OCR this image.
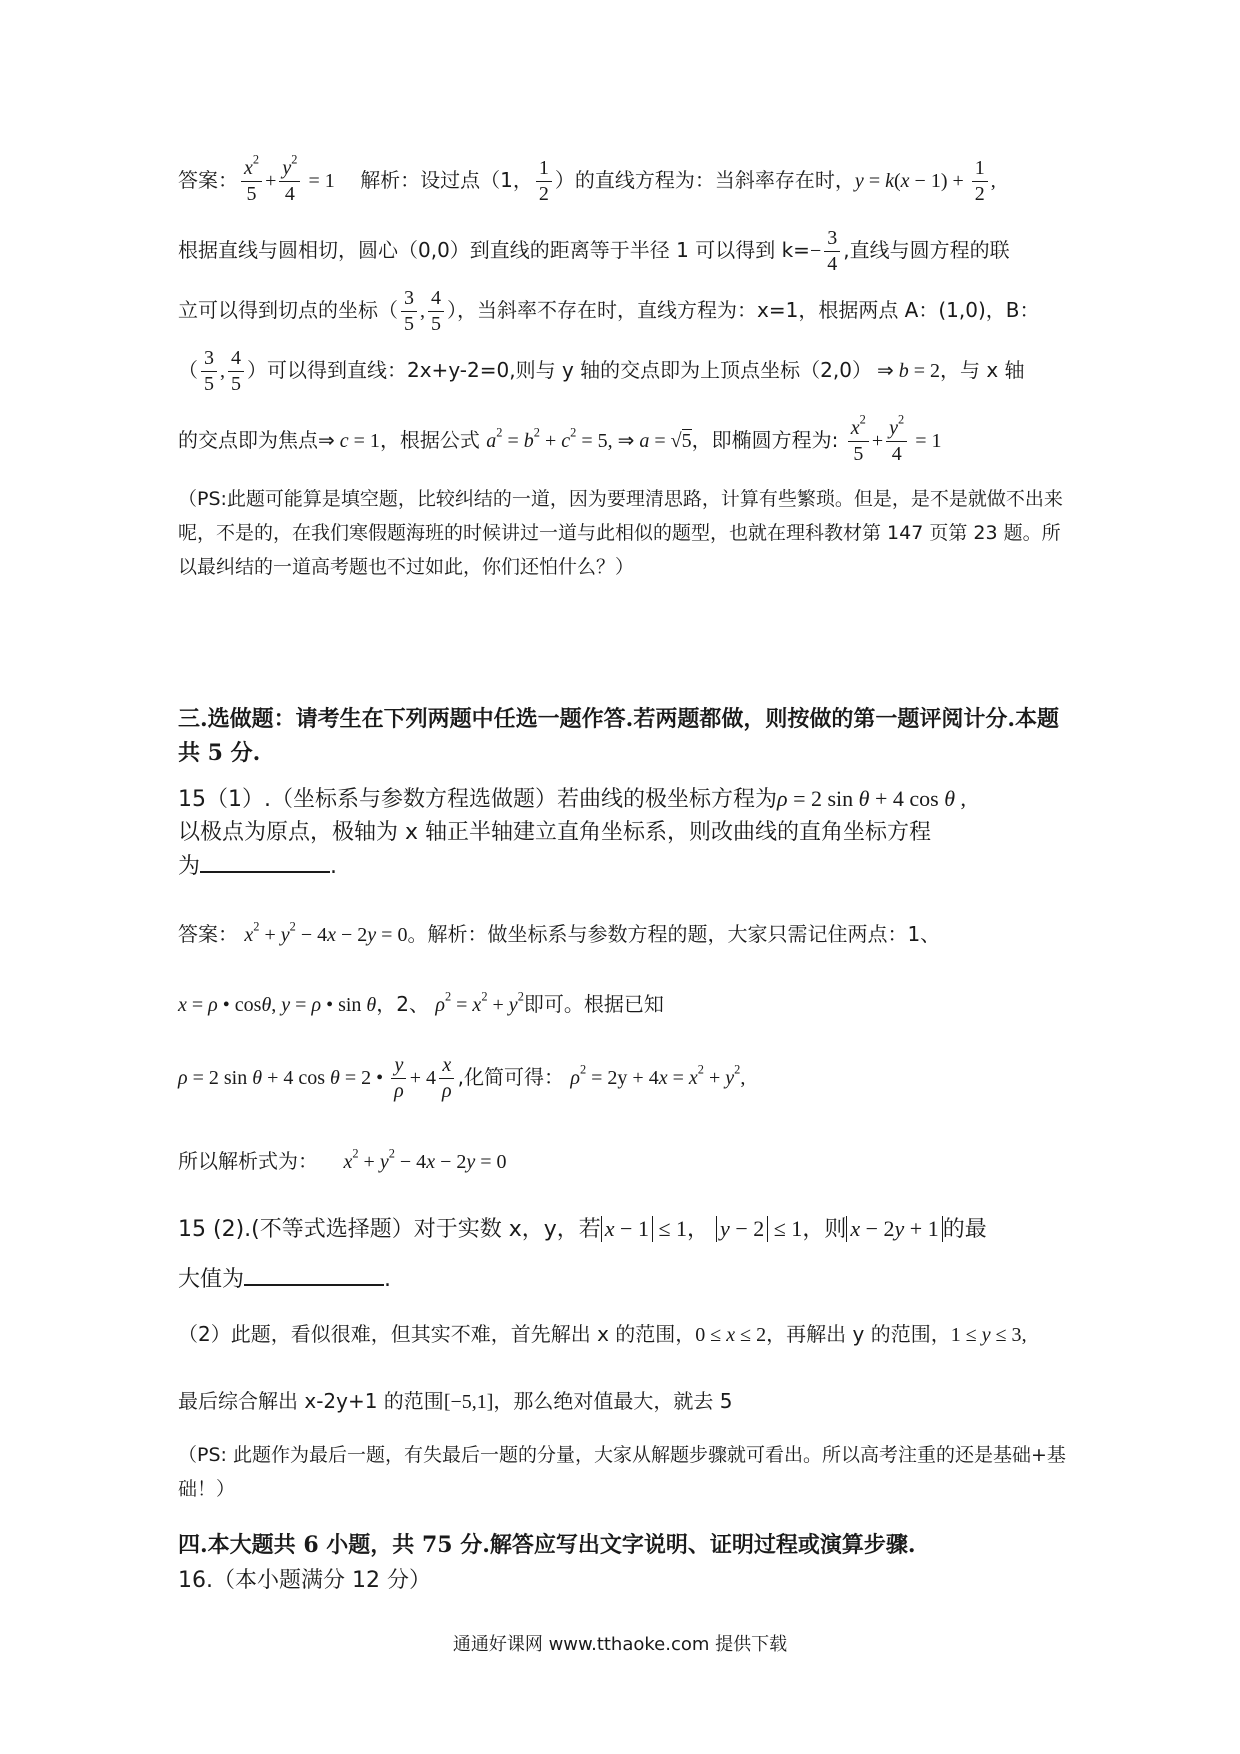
答案： $\frac{x^2}{5} + \frac{y^2}{4} = 1$ 解析：设过点（1， $\frac{1}{2}$ ）的直线方程为：当斜率存在时，$y = k(x - 1) + \frac{1}{2}$ ,
根据直线与圆相切，圆心（0,0）到直线的距离等于半径 1 可以得到 $k=- \frac{3}{4}$ ,直线与圆方程的联
立可以得到切点的坐标（ $\frac{3}{5}$ , $\frac{4}{5}$ ），当斜率不存在时，直线方程为：x=1，根据两点 A：(1,0)，B：
（ $\frac{3}{5}$ , $\frac{4}{5}$ ）可以得到直线：2x+y-2=0,则与 y 轴的交点即为上顶点坐标（2,0） ⇒ b = 2，与 x 轴
的交点即为焦点⇒ c = 1，根据公式 $a^2 = b^2 + c^2 = 5$, ⇒ a = √5，即椭圆方程为: $\frac{x^2}{5} + \frac{y^2}{4} = 1$
（PS:此题可能算是填空题，比较纠结的一道，因为要理清思路，计算有些繁琐。但是，是不是就做不出来呢，不是的，在我们寒假题海班的时候讲过一道与此相似的题型，也就在理科教材第 147 页第 23 题。所以最纠结的一道高考题也不过如此，你们还怕什么？）
三.选做题：请考生在下列两题中任选一题作答.若两题都做，则按做的第一题评阅计分.本题共 5 分.
15（1）.（坐标系与参数方程选做题）若曲线的极坐标方程为ρ = 2 sin θ + 4 cos θ ,
以极点为原点，极轴为 x 轴正半轴建立直角坐标系，则改曲线的直角坐标方程
为	.
答案： $x^2 + y^2 - 4x - 2y = 0$。解析：做坐标系与参数方程的题，大家只需记住两点：1、
x = ρ • cosθ, y = ρ • sin θ，2、 $\rho^2 = x^2 + y^2$即可。根据已知
ρ = 2 sin θ + 4 cos θ = 2 • $\frac{y}{\rho} + 4 \frac{x}{\rho}$ ,化简可得： $\rho^2 = 2y + 4x = x^2 + y^2$,
所以解析式为： $x^2 + y^2 - 4x - 2y = 0$
15 (2).(不等式选择题）对于实数 x，y，若 x − 1 ≤ 1， y − 2 ≤ 1，则 x − 2y + 1 的最
大值为	.
（2）此题，看似很难，但其实不难，首先解出 x 的范围，0 ≤ x ≤ 2，再解出 y 的范围，1 ≤ y ≤ 3,
最后综合解出 x-2y+1 的范围[−5,1]，那么绝对值最大，就去 5
（PS: 此题作为最后一题，有失最后一题的分量，大家从解题步骤就可看出。所以高考注重的还是基础+基础！）
四.本大题共 6 小题，共 75 分.解答应写出文字说明、证明过程或演算步骤.
16.（本小题满分 12 分）
通通好课网 www.tthaoke.com 提供下载
